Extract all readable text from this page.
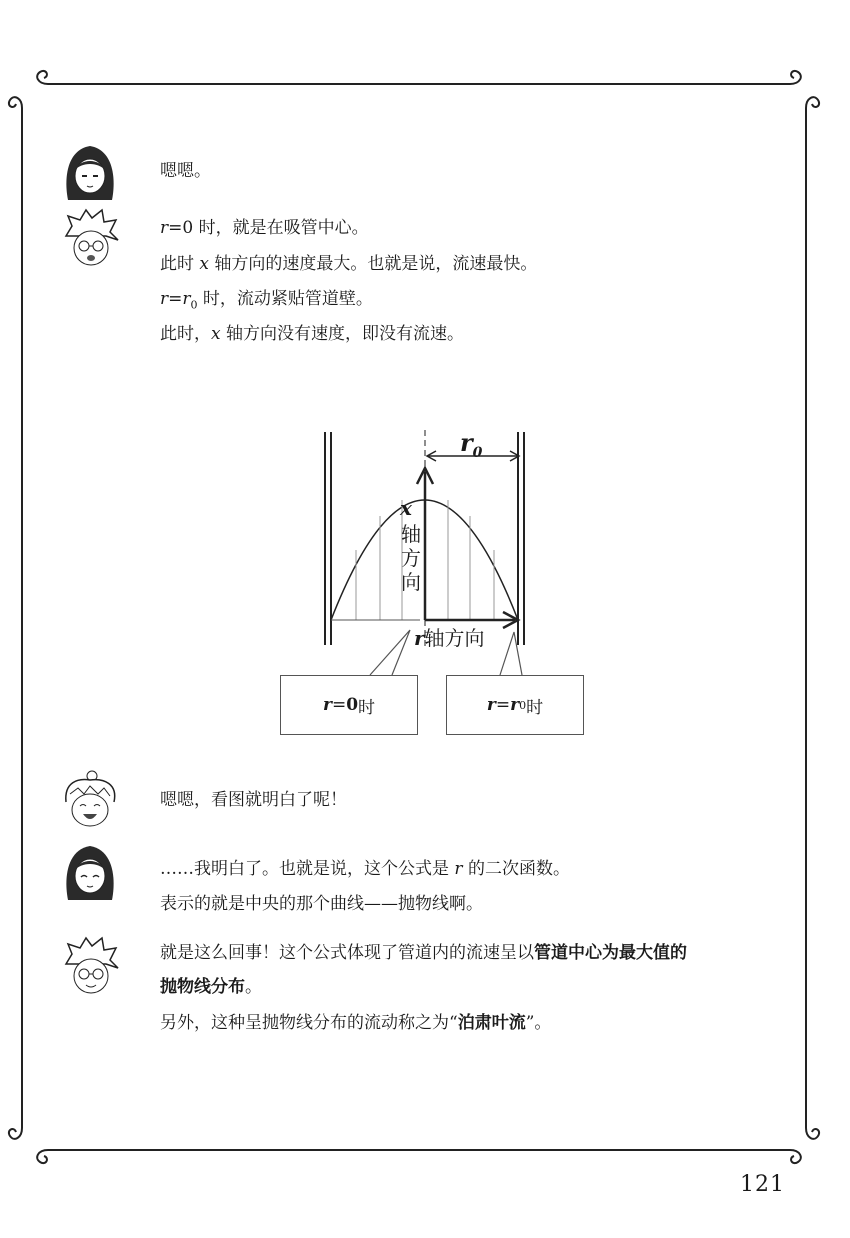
嗯嗯。
r=0 时，就是在吸管中心。
此时 x 轴方向的速度最大。也就是说，流速最快。
$r=r_0$ 时，流动紧贴管道壁。
此时，x 轴方向没有速度，即没有流速。
嗯嗯，看图就明白了呢！
……我明白了。也就是说，这个公式是 r 的二次函数。
表示的就是中央的那个曲线——抛物线啊。
就是这么回事！这个公式体现了管道内的流速呈以管道中心为最大值的
抛物线分布。
另外，这种呈抛物线分布的流动称之为“泊肃叶流”。
$r_0$
x
轴
方
向
r轴方向
r = 0 时	r = r 0 时
121
